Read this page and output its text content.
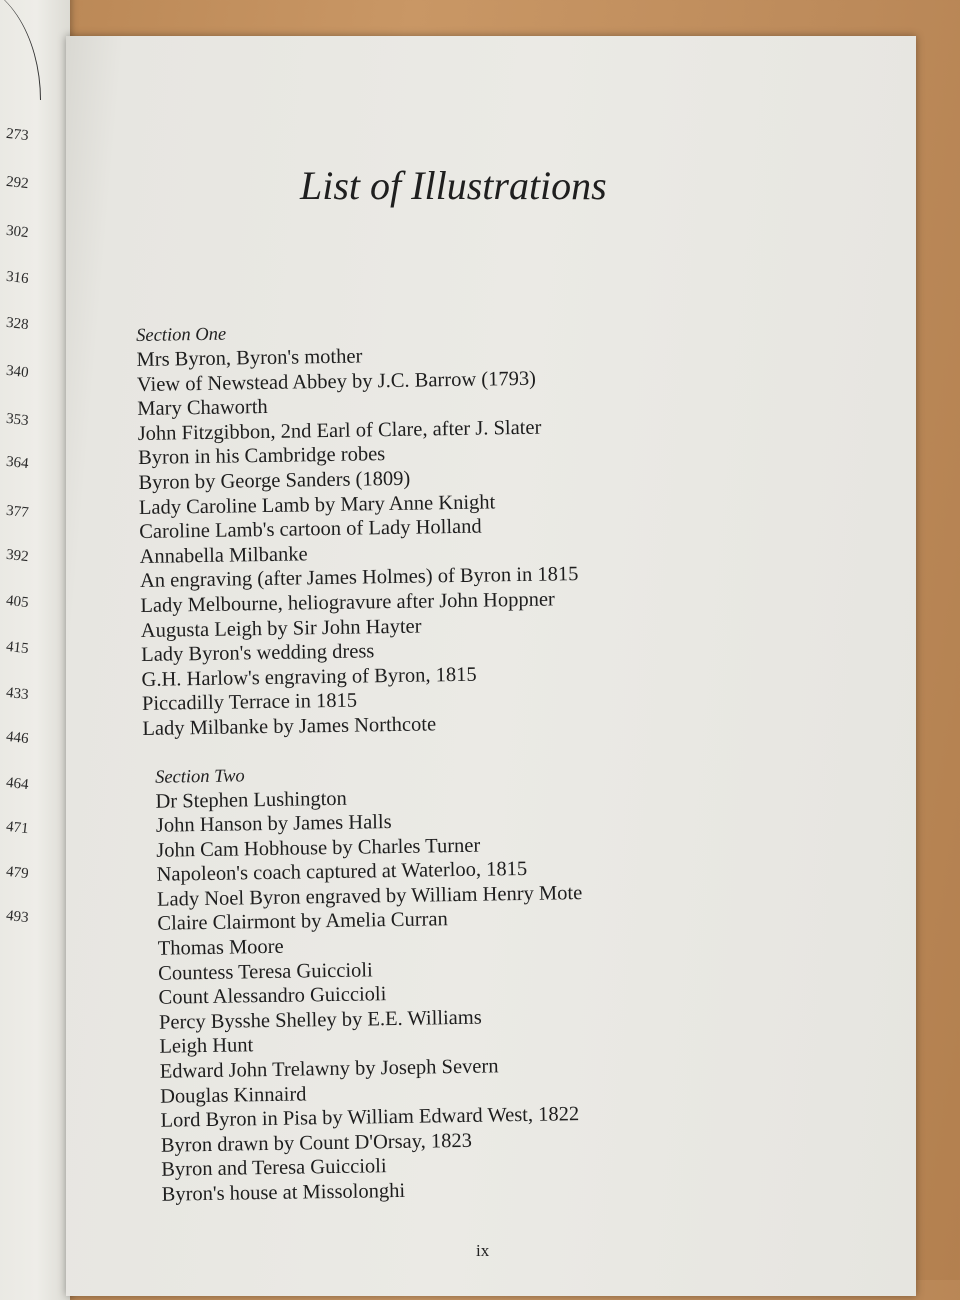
273
292
302
316
328
340
353
364
377
392
405
415
433
446
464
471
479
493
List of Illustrations
Section One
Mrs Byron, Byron's mother
View of Newstead Abbey by J.C. Barrow (1793)
Mary Chaworth
John Fitzgibbon, 2nd Earl of Clare, after J. Slater
Byron in his Cambridge robes
Byron by George Sanders (1809)
Lady Caroline Lamb by Mary Anne Knight
Caroline Lamb's cartoon of Lady Holland
Annabella Milbanke
An engraving (after James Holmes) of Byron in 1815
Lady Melbourne, heliogravure after John Hoppner
Augusta Leigh by Sir John Hayter
Lady Byron's wedding dress
G.H. Harlow's engraving of Byron, 1815
Piccadilly Terrace in 1815
Lady Milbanke by James Northcote
Section Two
Dr Stephen Lushington
John Hanson by James Halls
John Cam Hobhouse by Charles Turner
Napoleon's coach captured at Waterloo, 1815
Lady Noel Byron engraved by William Henry Mote
Claire Clairmont by Amelia Curran
Thomas Moore
Countess Teresa Guiccioli
Count Alessandro Guiccioli
Percy Bysshe Shelley by E.E. Williams
Leigh Hunt
Edward John Trelawny by Joseph Severn
Douglas Kinnaird
Lord Byron in Pisa by William Edward West, 1822
Byron drawn by Count D'Orsay, 1823
Byron and Teresa Guiccioli
Byron's house at Missolonghi
ix
